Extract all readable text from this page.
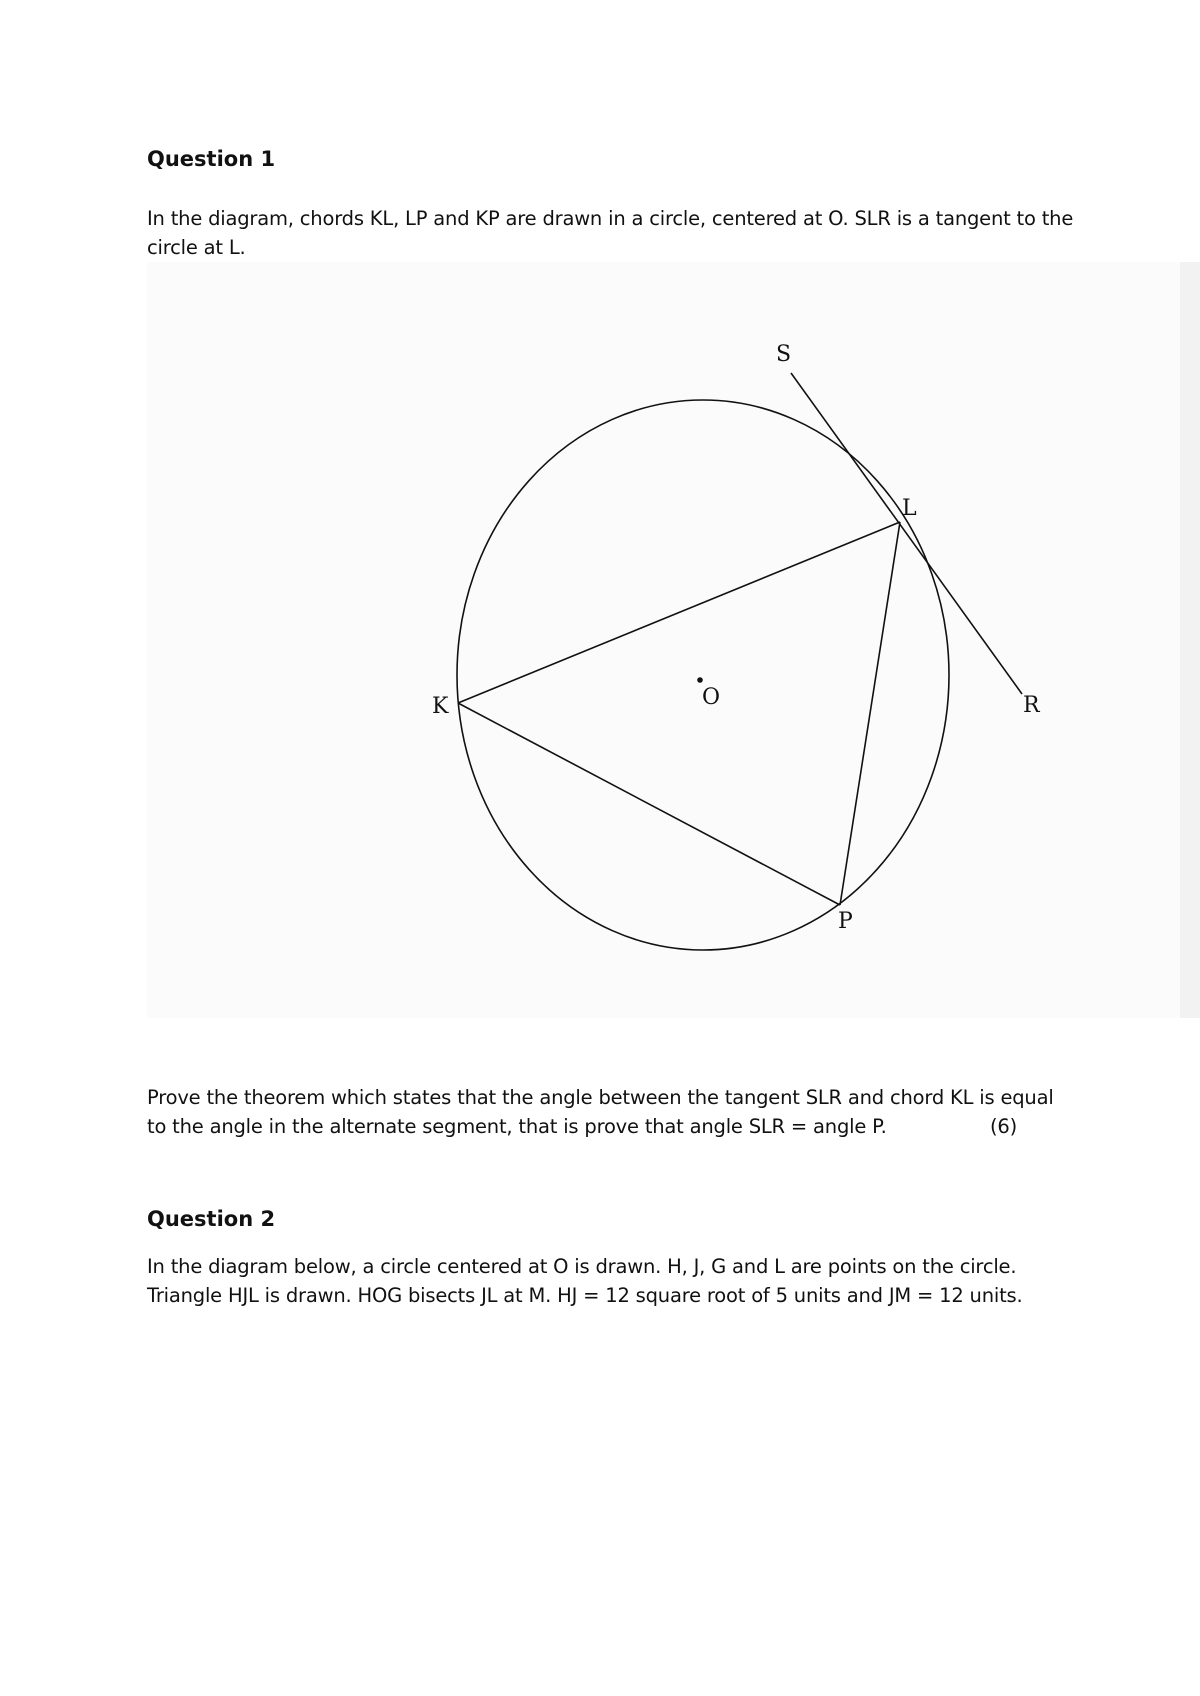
Question 1

In the diagram, chords KL, LP and KP are drawn in a circle, centered at O. SLR is a tangent to the circle at L.

S
L
K	O	R
P
Prove the theorem which states that the angle between the tangent SLR and chord KL is equal to the angle in the alternate segment, that is prove that angle SLR = angle P.	(6)
Question 2

In the diagram below, a circle centered at O is drawn. H, J, G and L are points on the circle.
Triangle HJL is drawn. HOG bisects JL at M. HJ = 12 square root of 5 units and JM = 12 units.
